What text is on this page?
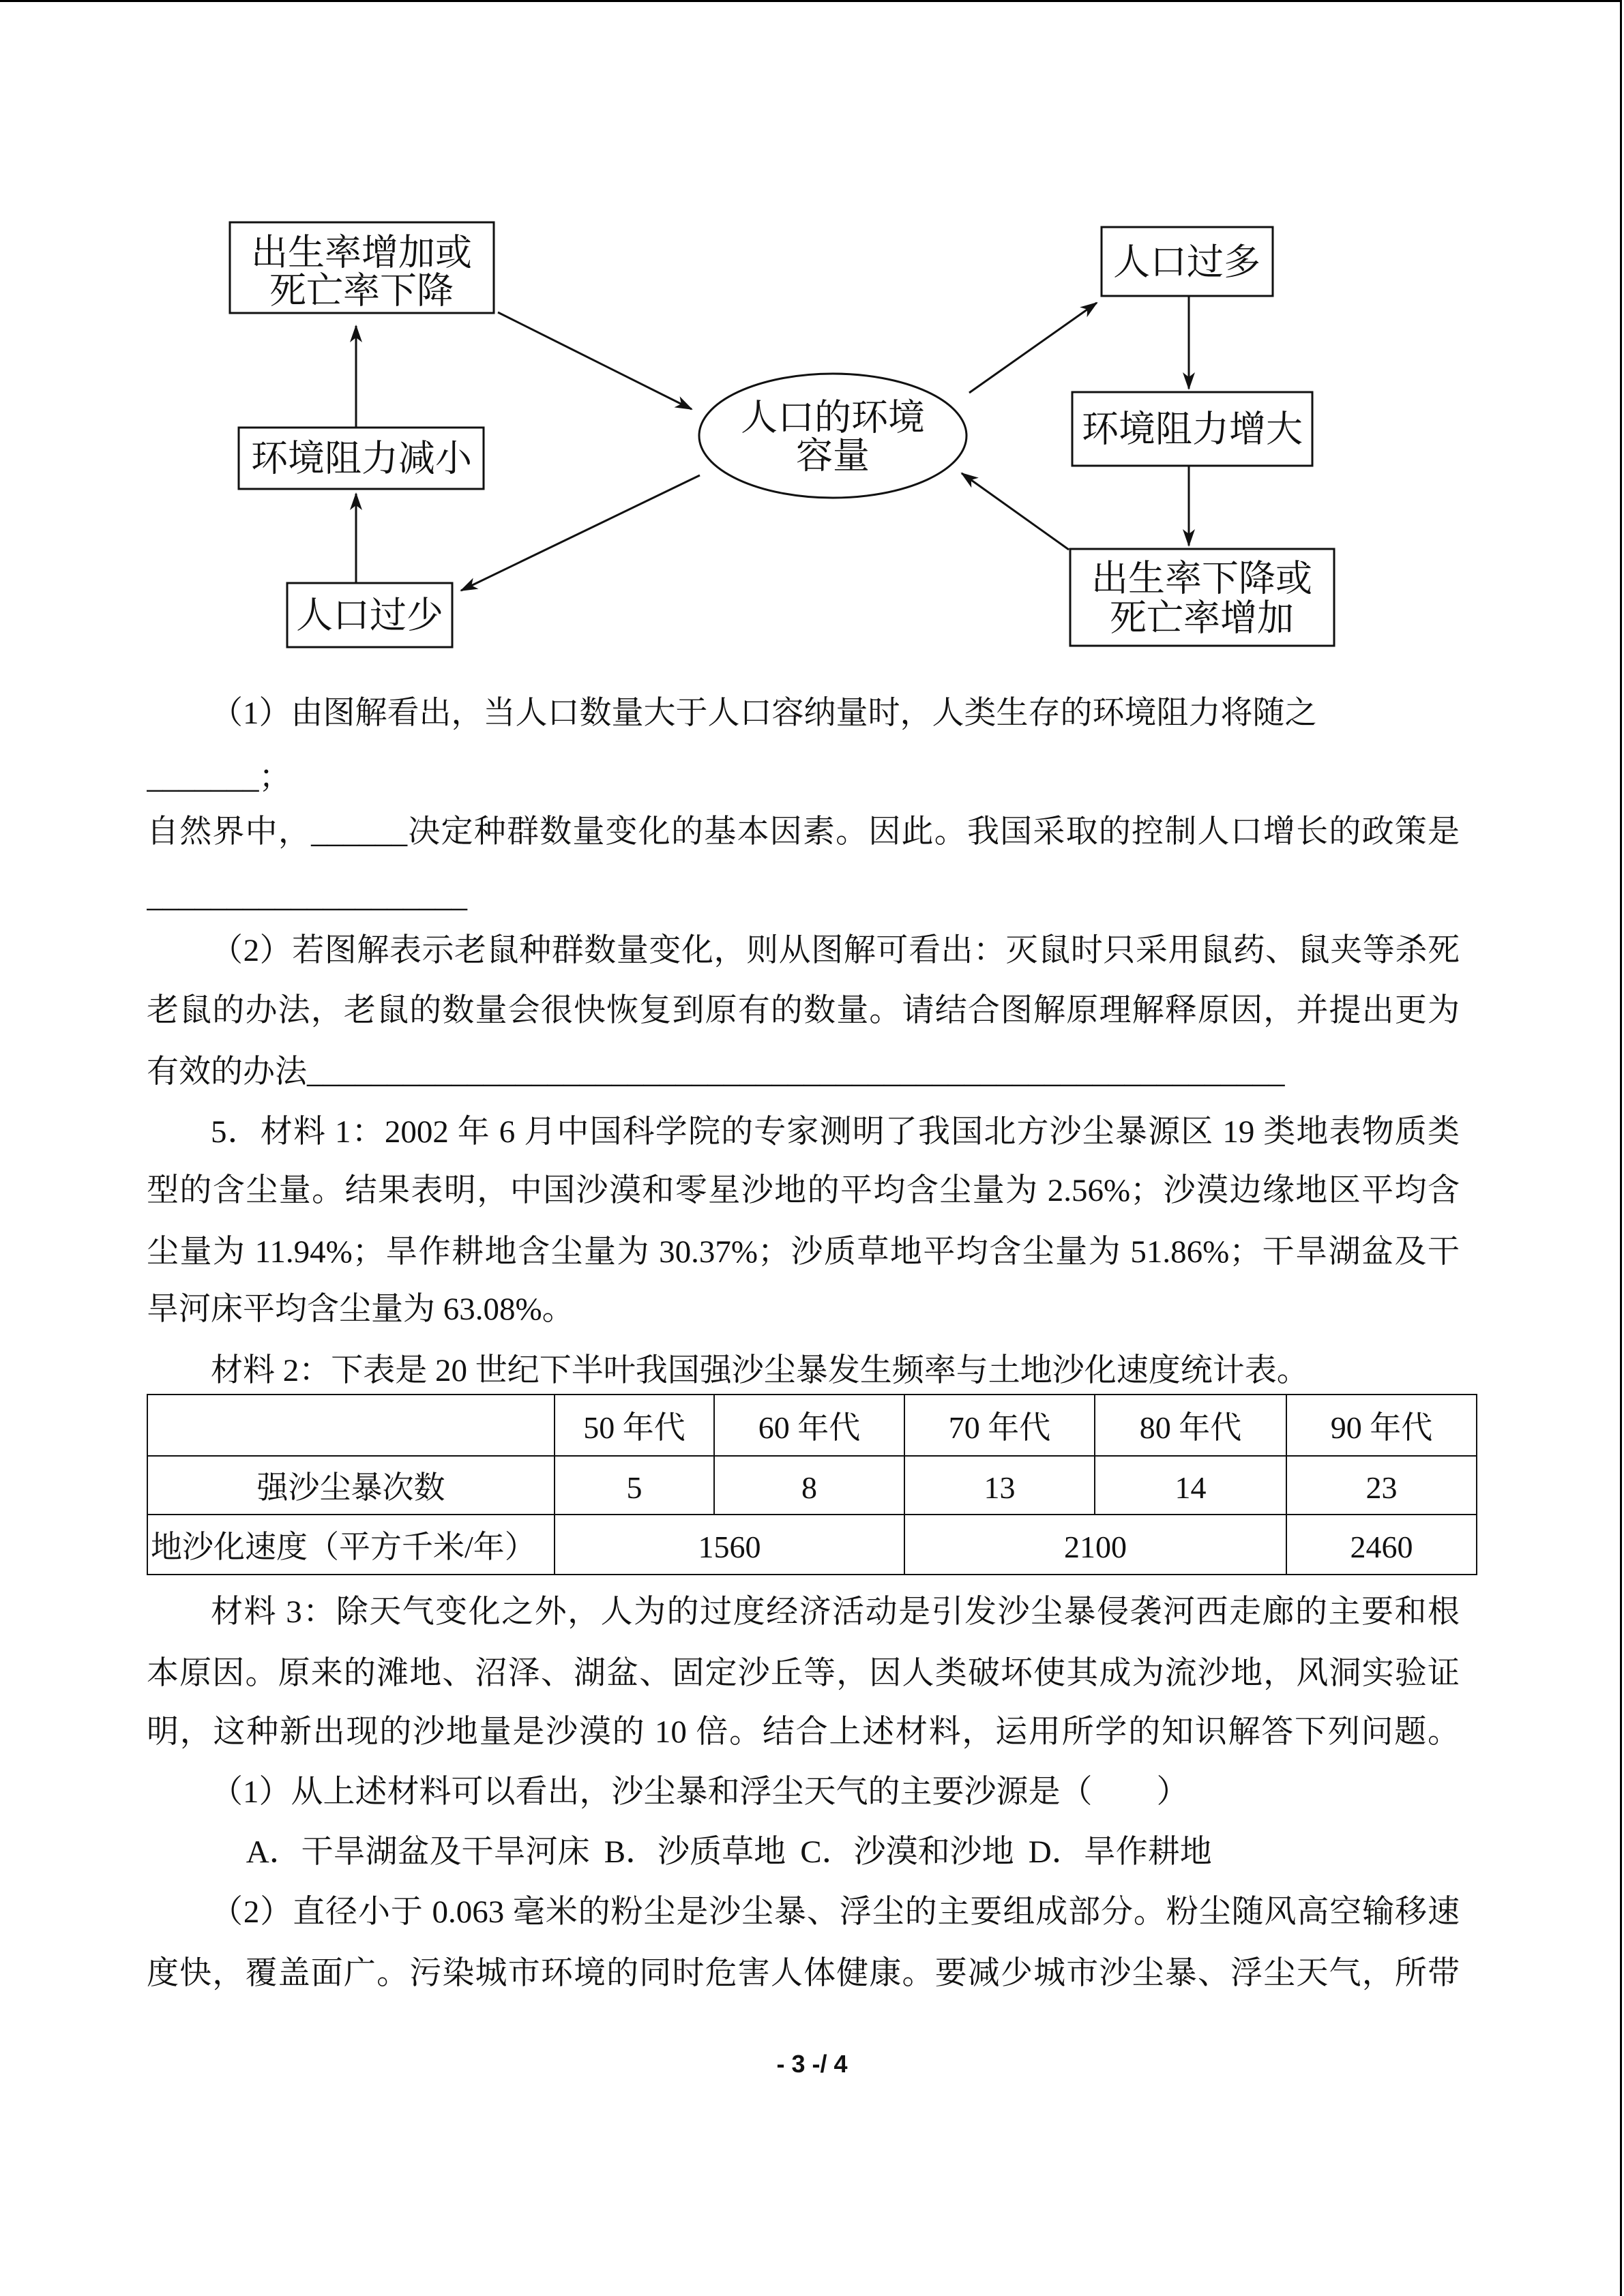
出生率增加或
死亡率下降
环境阻力减小
人口过少
人口的环境
容量
人口过多
环境阻力增大
出生率下降或
死亡率增加
（1）由图解看出，当人口数量大于人口容纳量时，人类生存的环境阻力将随之
_______；
自然界中，______决定种群数量变化的基本因素。因此。我国采取的控制人口增长的政策是
____________________
（2）若图解表示老鼠种群数量变化，则从图解可看出：灭鼠时只采用鼠药、鼠夹等杀死
老鼠的办法，老鼠的数量会很快恢复到原有的数量。请结合图解原理解释原因，并提出更为
有效的办法_____________________________________________________________
5．材料 1：2002 年 6 月中国科学院的专家测明了我国北方沙尘暴源区 19 类地表物质类
型的含尘量。结果表明，中国沙漠和零星沙地的平均含尘量为 2.56%；沙漠边缘地区平均含
尘量为 11.94%；旱作耕地含尘量为 30.37%；沙质草地平均含尘量为 51.86%；干旱湖盆及干
旱河床平均含尘量为 63.08%。
材料 2：下表是 20 世纪下半叶我国强沙尘暴发生频率与土地沙化速度统计表。
	50 年代	60 年代	70 年代	80 年代	90 年代
强沙尘暴次数	5	8	13	14	23
地沙化速度（平方千米/年）	1560		2100		2460
材料 3：除天气变化之外，人为的过度经济活动是引发沙尘暴侵袭河西走廊的主要和根
本原因。原来的滩地、沼泽、湖盆、固定沙丘等，因人类破坏使其成为流沙地，风洞实验证
明，这种新出现的沙地量是沙漠的 10 倍。结合上述材料，运用所学的知识解答下列问题。
（1）从上述材料可以看出，沙尘暴和浮尘天气的主要沙源是（　　）
A．干旱湖盆及干旱河床 B．沙质草地 C．沙漠和沙地 D．旱作耕地
（2）直径小于 0.063 毫米的粉尘是沙尘暴、浮尘的主要组成部分。粉尘随风高空输移速
度快，覆盖面广。污染城市环境的同时危害人体健康。要减少城市沙尘暴、浮尘天气，所带
- 3 -/ 4
